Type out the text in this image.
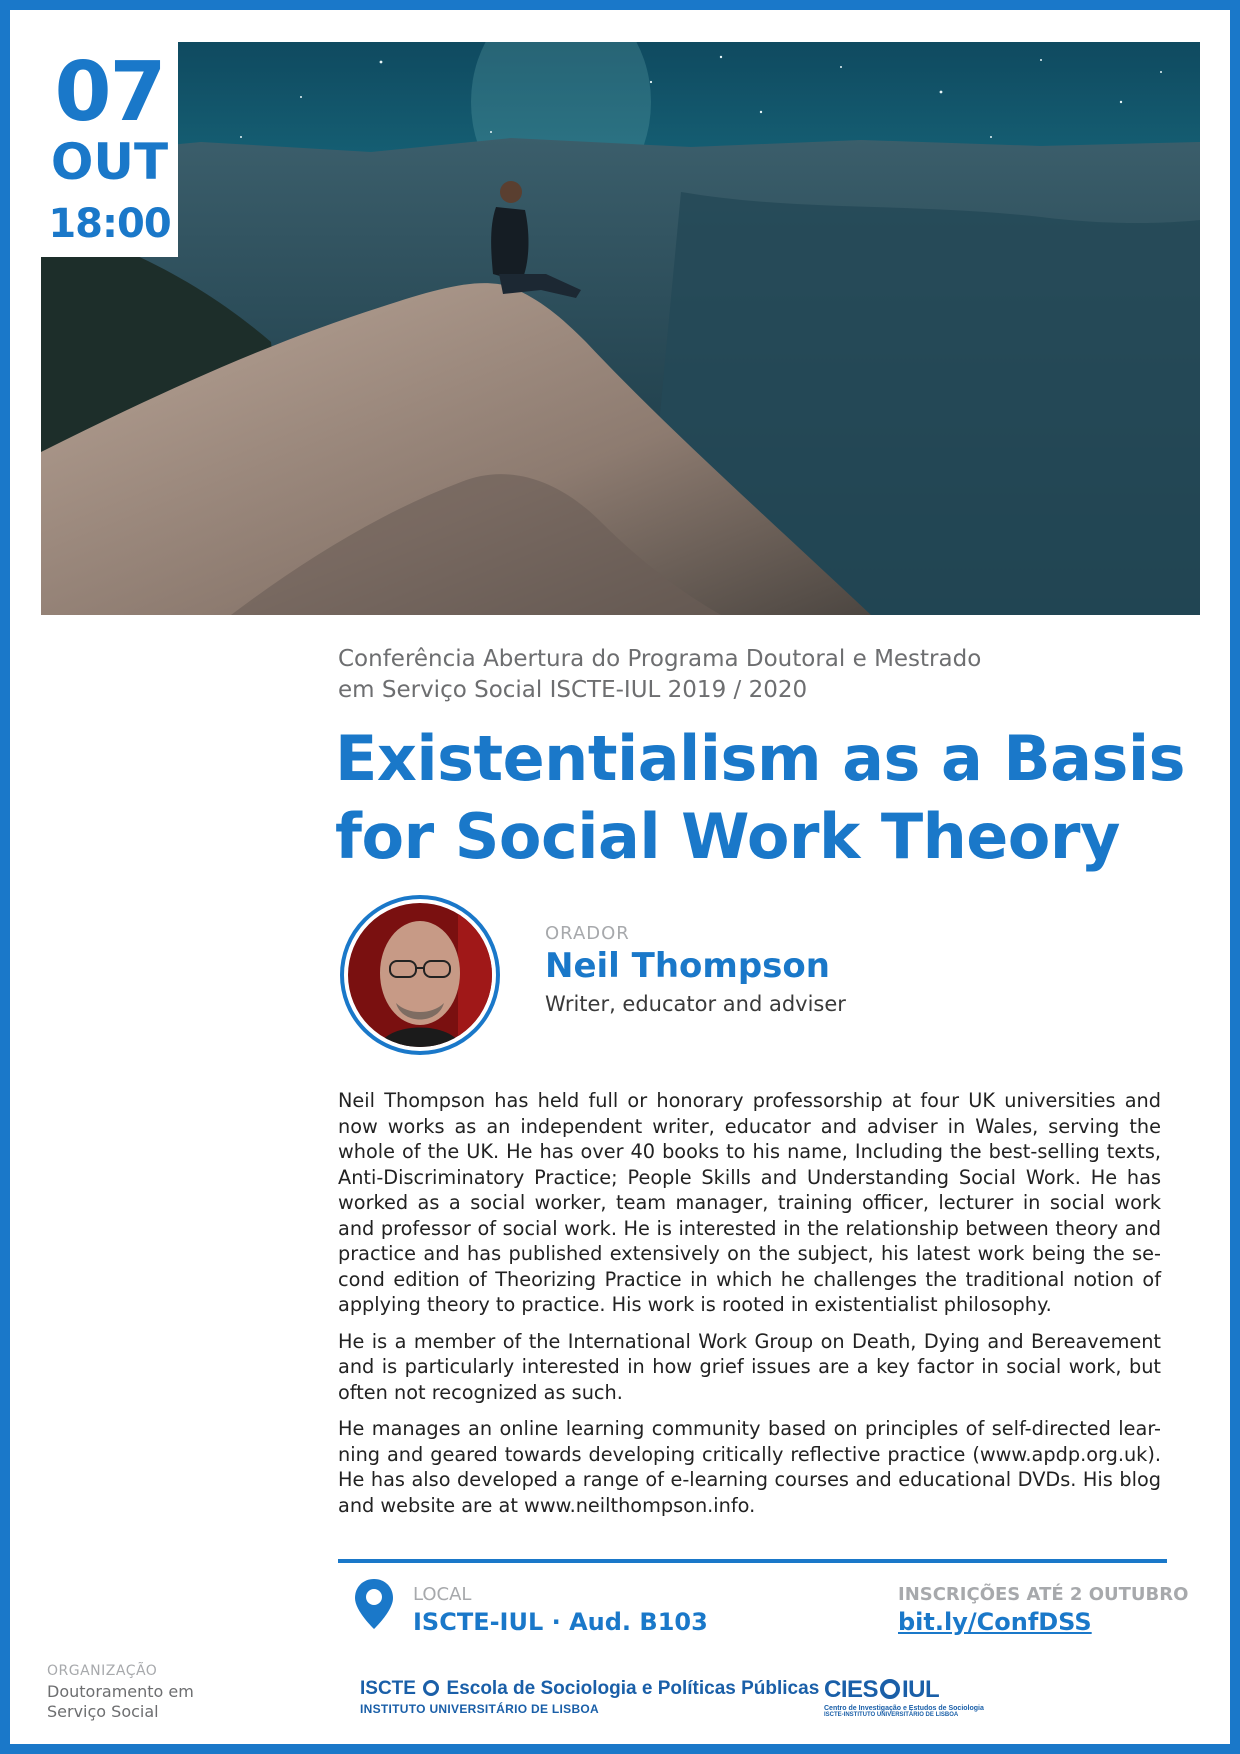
07
OUT
18:00
Conferência Abertura do Programa Doutoral e Mestrado
em Serviço Social ISCTE-IUL 2019 / 2020
Existentialism as a Basis
for Social Work Theory
ORADOR
Neil Thompson
Writer, educator and adviser

Neil Thompson has held full or honorary professorship at four UK universities and now works as an independent writer, educator and adviser in Wales, serving the whole of the UK. He has over 40 books to his name, Including the best-selling texts, Anti-Discriminatory Practice; People Skills and Understanding Social Work. He has worked as a social worker, team manager, training officer, lecturer in social work and professor of social work. He is interested in the relationship between theory and practice and has published extensively on the subject, his latest work being the se-cond edition of Theorizing Practice in which he challenges the traditional notion of applying theory to practice. His work is rooted in existentialist philosophy.

He is a member of the International Work Group on Death, Dying and Bereavement and is particularly interested in how grief issues are a key factor in social work, but often not recognized as such.

He manages an online learning community based on principles of self-directed lear-ning and geared towards developing critically reflective practice (www.apdp.org.uk). He has also developed a range of e-learning courses and educational DVDs. His blog and website are at www.neilthompson.info.

LOCAL
ISCTE-IUL · Aud. B103
INSCRIÇÕES ATÉ 2 OUTUBRO
bit.ly/ConfDSS
ORGANIZAÇÃO
Doutoramento em
Serviço Social
ISCTE Escola de Sociologia e Políticas Públicas
INSTITUTO UNIVERSITÁRIO DE LISBOA
CIES IUL
Centro de Investigação e Estudos de Sociologia
ISCTE-INSTITUTO UNIVERSITÁRIO DE LISBOA
